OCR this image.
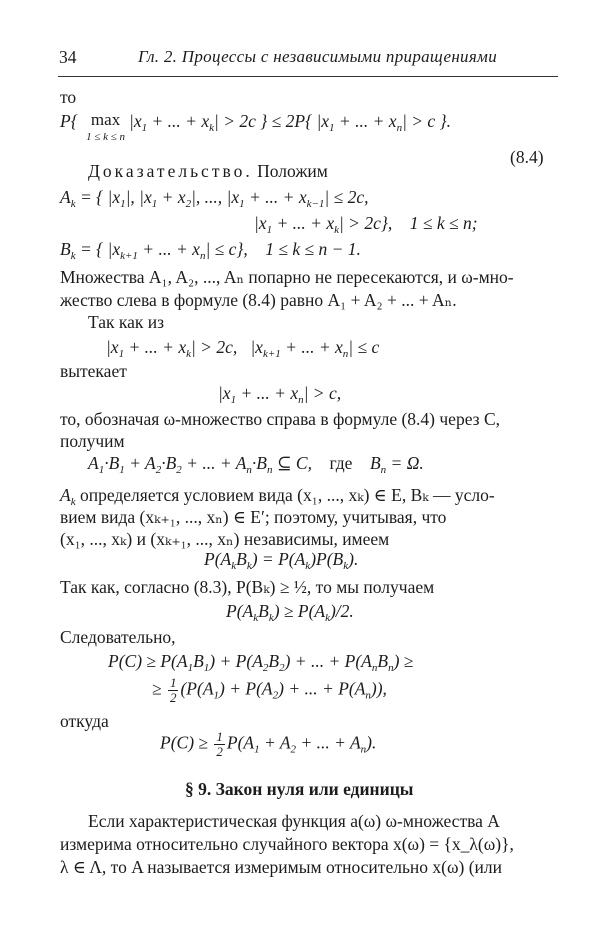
34	Гл. 2. Процессы с независимыми приращениями
то
P{ max
1 ≤ k ≤ n
$|x_1$ + ... + $x_k| > 2c$ } ≤ 2P{ $|x_1$ + ... + $x_n| > c$ }.
(8.4)
Доказательство. Положим
$A_k$ = { $|x_1|$, $|x_1 + x_2|$, ..., $|x_1$ + ... + $x_{k-1}| \le 2c$,
$|x_1$ + ... + $x_k| > 2c$},    1 ≤ k ≤ n;
$B_k$ = { $|x_{k+1}$ + ... + $x_n| \le c$},    1 ≤ k ≤ n − 1.
Множества A₁, A₂, ..., Aₙ попарно не пересекаются, и ω-мно-
жество слева в формуле (8.4) равно A₁ + A₂ + ... + Aₙ.
Так как из
$|x_1$ + ... + $x_k| > 2c$,   $|x_{k+1}$ + ... + $x_n| \le c$
вытекает
$|x_1$ + ... + $x_n| > c$,
то, обозначая ω-множество справа в формуле (8.4) через C,
получим
$A_1\cdot B_1 + A_2\cdot B_2$ + ... + $A_n\cdot B_n$ ⊆ C,    где    $B_n = \Omega$.
$A_k$ определяется условием вида (x₁, ..., xₖ) ∈ E, Bₖ — усло-
вием вида (xₖ₊₁, ..., xₙ) ∈ E′; поэтому, учитывая, что
(x₁, ..., xₖ) и (xₖ₊₁, ..., xₙ) независимы, имеем
$P(A_kB_k) = P(A_k)P(B_k)$.
Так как, согласно (8.3), P(Bₖ) ≥ ½, то мы получаем
$P(A_kB_k) \ge P(A_k)/2$.
Следовательно,
$P(C) \ge P(A_1B_1) + P(A_2B_2)$ + ... + $P(A_nB_n)$ ≥
≥ $\frac{1}{2} (P(A_1) + P(A_2)$ + ... + $P(A_n)$),
откуда
$P(C) \ge \frac{1}{2} P(A_1 + A_2$ + ... + $A_n$).
§ 9. Закон нуля или единицы
Если характеристическая функция a(ω) ω-множества A
измерима относительно случайного вектора x(ω) = {x_λ(ω)},
λ ∈ Λ, то A называется измеримым относительно x(ω) (или
